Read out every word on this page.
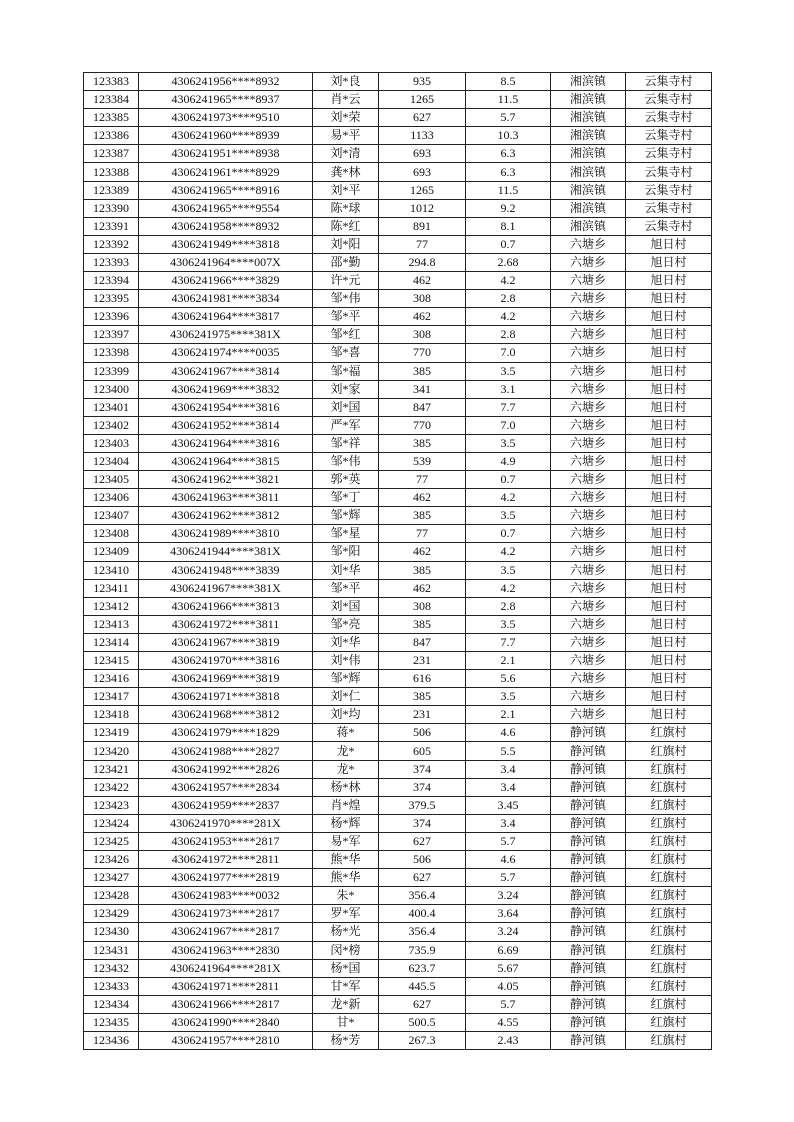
123383	4306241956****8932	刘*良	935	8.5	湘滨镇	云集寺村
123384	4306241965****8937	肖*云	1265	11.5	湘滨镇	云集寺村
123385	4306241973****9510	刘*荣	627	5.7	湘滨镇	云集寺村
123386	4306241960****8939	易*平	1133	10.3	湘滨镇	云集寺村
123387	4306241951****8938	刘*清	693	6.3	湘滨镇	云集寺村
123388	4306241961****8929	龚*林	693	6.3	湘滨镇	云集寺村
123389	4306241965****8916	刘*平	1265	11.5	湘滨镇	云集寺村
123390	4306241965****9554	陈*球	1012	9.2	湘滨镇	云集寺村
123391	4306241958****8932	陈*红	891	8.1	湘滨镇	云集寺村
123392	4306241949****3818	刘*阳	77	0.7	六塘乡	旭日村
123393	4306241964****007X	邵*勤	294.8	2.68	六塘乡	旭日村
123394	4306241966****3829	许*元	462	4.2	六塘乡	旭日村
123395	4306241981****3834	邹*伟	308	2.8	六塘乡	旭日村
123396	4306241964****3817	邹*平	462	4.2	六塘乡	旭日村
123397	4306241975****381X	邹*红	308	2.8	六塘乡	旭日村
123398	4306241974****0035	邹*喜	770	7.0	六塘乡	旭日村
123399	4306241967****3814	邹*福	385	3.5	六塘乡	旭日村
123400	4306241969****3832	刘*家	341	3.1	六塘乡	旭日村
123401	4306241954****3816	刘*国	847	7.7	六塘乡	旭日村
123402	4306241952****3814	严*军	770	7.0	六塘乡	旭日村
123403	4306241964****3816	邹*祥	385	3.5	六塘乡	旭日村
123404	4306241964****3815	邹*伟	539	4.9	六塘乡	旭日村
123405	4306241962****3821	郭*英	77	0.7	六塘乡	旭日村
123406	4306241963****3811	邹*丁	462	4.2	六塘乡	旭日村
123407	4306241962****3812	邹*辉	385	3.5	六塘乡	旭日村
123408	4306241989****3810	邹*星	77	0.7	六塘乡	旭日村
123409	4306241944****381X	邹*阳	462	4.2	六塘乡	旭日村
123410	4306241948****3839	刘*华	385	3.5	六塘乡	旭日村
123411	4306241967****381X	邹*平	462	4.2	六塘乡	旭日村
123412	4306241966****3813	刘*国	308	2.8	六塘乡	旭日村
123413	4306241972****3811	邹*亮	385	3.5	六塘乡	旭日村
123414	4306241967****3819	刘*华	847	7.7	六塘乡	旭日村
123415	4306241970****3816	刘*伟	231	2.1	六塘乡	旭日村
123416	4306241969****3819	邹*辉	616	5.6	六塘乡	旭日村
123417	4306241971****3818	刘*仁	385	3.5	六塘乡	旭日村
123418	4306241968****3812	刘*均	231	2.1	六塘乡	旭日村
123419	4306241979****1829	蒋*	506	4.6	静河镇	红旗村
123420	4306241988****2827	龙*	605	5.5	静河镇	红旗村
123421	4306241992****2826	龙*	374	3.4	静河镇	红旗村
123422	4306241957****2834	杨*林	374	3.4	静河镇	红旗村
123423	4306241959****2837	肖*煌	379.5	3.45	静河镇	红旗村
123424	4306241970****281X	杨*辉	374	3.4	静河镇	红旗村
123425	4306241953****2817	易*军	627	5.7	静河镇	红旗村
123426	4306241972****2811	熊*华	506	4.6	静河镇	红旗村
123427	4306241977****2819	熊*华	627	5.7	静河镇	红旗村
123428	4306241983****0032	朱*	356.4	3.24	静河镇	红旗村
123429	4306241973****2817	罗*军	400.4	3.64	静河镇	红旗村
123430	4306241967****2817	杨*光	356.4	3.24	静河镇	红旗村
123431	4306241963****2830	闵*榜	735.9	6.69	静河镇	红旗村
123432	4306241964****281X	杨*国	623.7	5.67	静河镇	红旗村
123433	4306241971****2811	甘*军	445.5	4.05	静河镇	红旗村
123434	4306241966****2817	龙*新	627	5.7	静河镇	红旗村
123435	4306241990****2840	甘*	500.5	4.55	静河镇	红旗村
123436	4306241957****2810	杨*芳	267.3	2.43	静河镇	红旗村
